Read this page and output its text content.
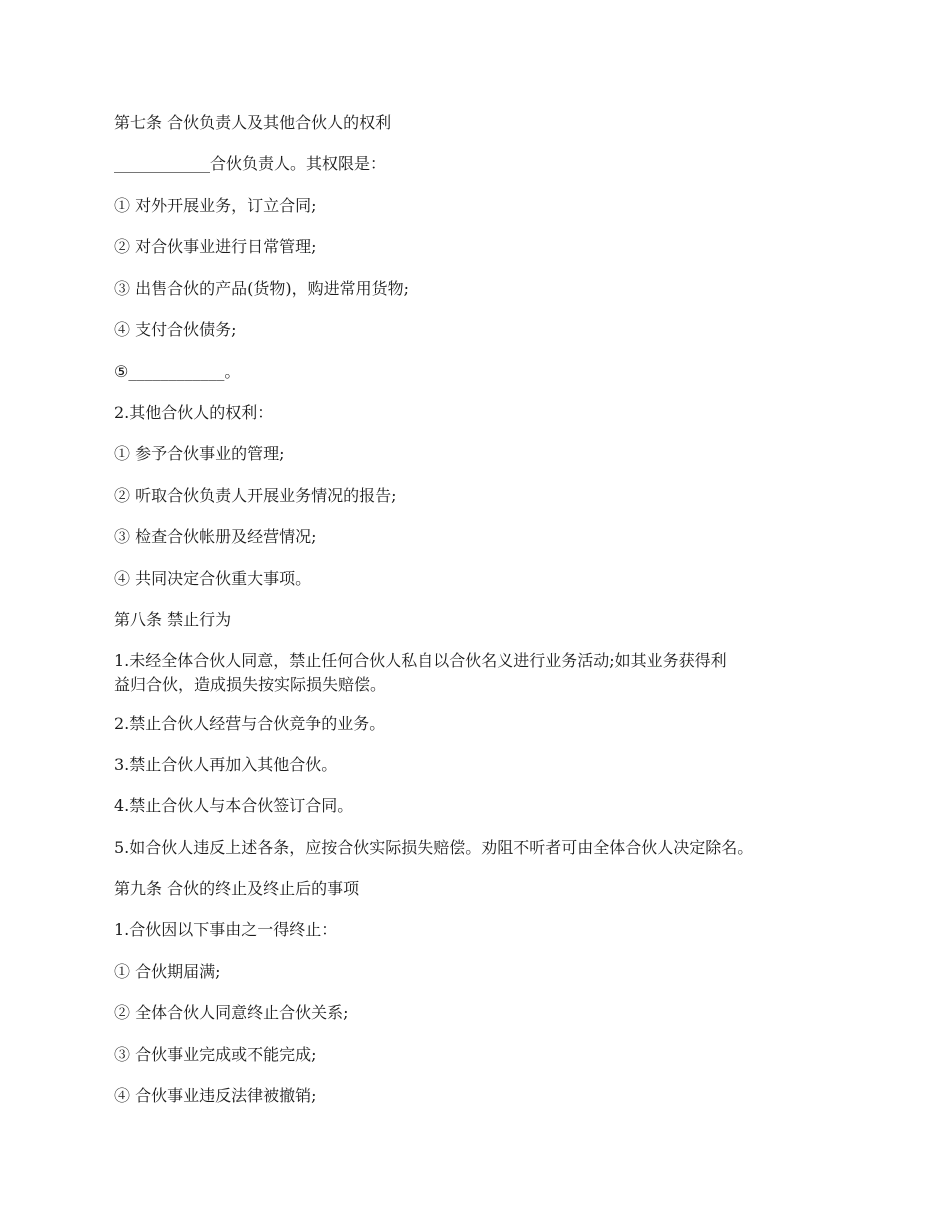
第七条 合伙负责人及其他合伙人的权利
____________合伙负责人。其权限是：
① 对外开展业务，订立合同;
② 对合伙事业进行日常管理;
③ 出售合伙的产品(货物)，购进常用货物;
④ 支付合伙债务;
⑤____________。
2.其他合伙人的权利：
① 参予合伙事业的管理;
② 听取合伙负责人开展业务情况的报告;
③ 检查合伙帐册及经营情况;
④ 共同决定合伙重大事项。
第八条 禁止行为
1.未经全体合伙人同意，禁止任何合伙人私自以合伙名义进行业务活动;如其业务获得利
益归合伙，造成损失按实际损失赔偿。
2.禁止合伙人经营与合伙竞争的业务。
3.禁止合伙人再加入其他合伙。
4.禁止合伙人与本合伙签订合同。
5.如合伙人违反上述各条，应按合伙实际损失赔偿。劝阻不听者可由全体合伙人决定除名。
第九条 合伙的终止及终止后的事项
1.合伙因以下事由之一得终止：
① 合伙期届满;
② 全体合伙人同意终止合伙关系;
③ 合伙事业完成或不能完成;
④ 合伙事业违反法律被撤销;
